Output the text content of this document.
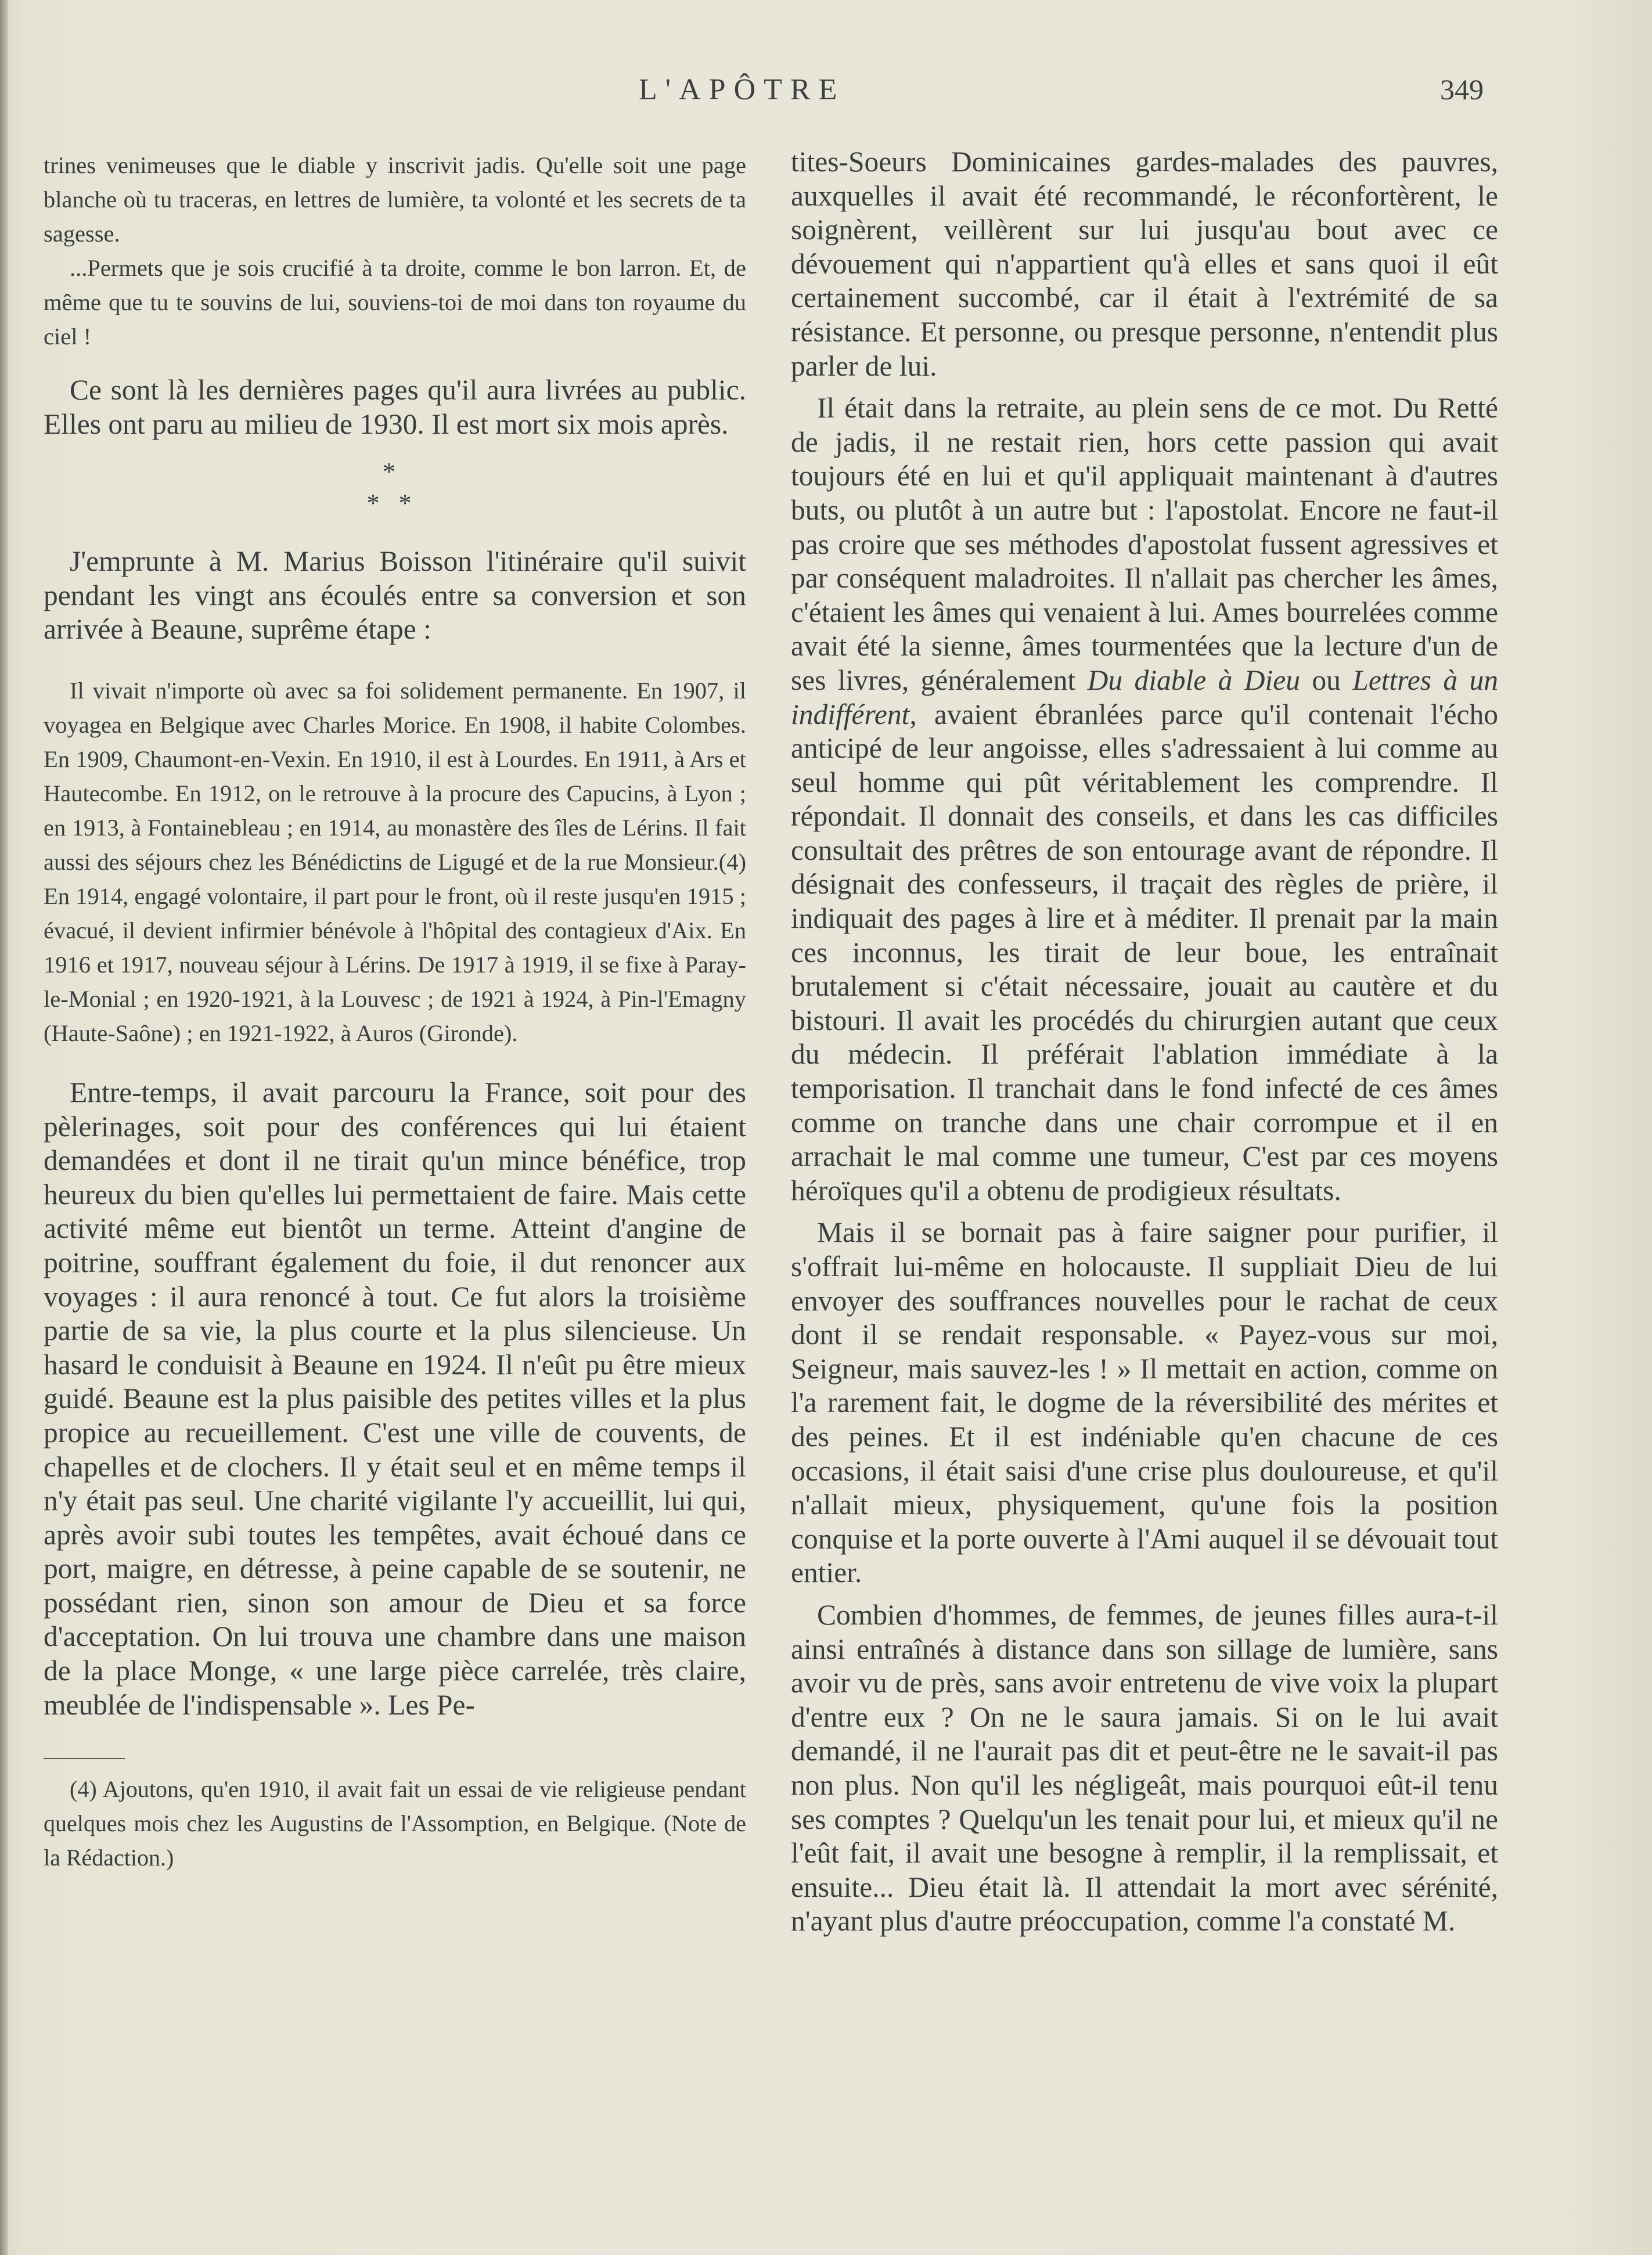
L'APÔTRE	349

trines venimeuses que le diable y inscrivit jadis. Qu'elle soit une page blanche où tu traceras, en lettres de lumière, ta volonté et les secrets de ta sagesse.

...Permets que je sois crucifié à ta droite, comme le bon larron. Et, de même que tu te souvins de lui, souviens-toi de moi dans ton royaume du ciel !

Ce sont là les dernières pages qu'il aura livrées au public. Elles ont paru au milieu de 1930. Il est mort six mois après.

*
*   *

J'emprunte à M. Marius Boisson l'itinéraire qu'il suivit pendant les vingt ans écoulés entre sa conversion et son arrivée à Beaune, suprême étape :

Il vivait n'importe où avec sa foi solidement permanente. En 1907, il voyagea en Belgique avec Charles Morice. En 1908, il habite Colombes. En 1909, Chaumont-en-Vexin. En 1910, il est à Lourdes. En 1911, à Ars et Hautecombe. En 1912, on le retrouve à la procure des Capucins, à Lyon ; en 1913, à Fontainebleau ; en 1914, au monastère des îles de Lérins. Il fait aussi des séjours chez les Bénédictins de Ligugé et de la rue Monsieur.(4) En 1914, engagé volontaire, il part pour le front, où il reste jusqu'en 1915 ; évacué, il devient infirmier bénévole à l'hôpital des contagieux d'Aix. En 1916 et 1917, nouveau séjour à Lérins. De 1917 à 1919, il se fixe à Paray-le-Monial ; en 1920-1921, à la Louvesc ; de 1921 à 1924, à Pin-l'Emagny (Haute-Saône) ; en 1921-1922, à Auros (Gironde).

Entre-temps, il avait parcouru la France, soit pour des pèlerinages, soit pour des conférences qui lui étaient demandées et dont il ne tirait qu'un mince bénéfice, trop heureux du bien qu'elles lui permettaient de faire. Mais cette activité même eut bientôt un terme. Atteint d'angine de poitrine, souffrant également du foie, il dut renoncer aux voyages : il aura renoncé à tout. Ce fut alors la troisième partie de sa vie, la plus courte et la plus silencieuse. Un hasard le conduisit à Beaune en 1924. Il n'eût pu être mieux guidé. Beaune est la plus paisible des petites villes et la plus propice au recueillement. C'est une ville de couvents, de chapelles et de clochers. Il y était seul et en même temps il n'y était pas seul. Une charité vigilante l'y accueillit, lui qui, après avoir subi toutes les tempêtes, avait échoué dans ce port, maigre, en détresse, à peine capable de se soutenir, ne possédant rien, sinon son amour de Dieu et sa force d'acceptation. On lui trouva une chambre dans une maison de la place Monge, « une large pièce carrelée, très claire, meublée de l'indispensable ». Les Pe-

(4) Ajoutons, qu'en 1910, il avait fait un essai de vie religieuse pendant quelques mois chez les Augustins de l'Assomption, en Belgique. (Note de la Rédaction.)

tites-Soeurs Dominicaines gardes-malades des pauvres, auxquelles il avait été recommandé, le réconfortèrent, le soignèrent, veillèrent sur lui jusqu'au bout avec ce dévouement qui n'appartient qu'à elles et sans quoi il eût certainement succombé, car il était à l'extrémité de sa résistance. Et personne, ou presque personne, n'entendit plus parler de lui.

Il était dans la retraite, au plein sens de ce mot. Du Retté de jadis, il ne restait rien, hors cette passion qui avait toujours été en lui et qu'il appliquait maintenant à d'autres buts, ou plutôt à un autre but : l'apostolat. Encore ne faut-il pas croire que ses méthodes d'apostolat fussent agressives et par conséquent maladroites. Il n'allait pas chercher les âmes, c'étaient les âmes qui venaient à lui. Ames bourrelées comme avait été la sienne, âmes tourmentées que la lecture d'un de ses livres, généralement Du diable à Dieu ou Lettres à un indifférent, avaient ébranlées parce qu'il contenait l'écho anticipé de leur angoisse, elles s'adressaient à lui comme au seul homme qui pût véritablement les comprendre. Il répondait. Il donnait des conseils, et dans les cas difficiles consultait des prêtres de son entourage avant de répondre. Il désignait des confesseurs, il traçait des règles de prière, il indiquait des pages à lire et à méditer. Il prenait par la main ces inconnus, les tirait de leur boue, les entraînait brutalement si c'était nécessaire, jouait au cautère et du bistouri. Il avait les procédés du chirurgien autant que ceux du médecin. Il préférait l'ablation immédiate à la temporisation. Il tranchait dans le fond infecté de ces âmes comme on tranche dans une chair corrompue et il en arrachait le mal comme une tumeur, C'est par ces moyens héroïques qu'il a obtenu de prodigieux résultats.

Mais il se bornait pas à faire saigner pour purifier, il s'offrait lui-même en holocauste. Il suppliait Dieu de lui envoyer des souffrances nouvelles pour le rachat de ceux dont il se rendait responsable. « Payez-vous sur moi, Seigneur, mais sauvez-les ! » Il mettait en action, comme on l'a rarement fait, le dogme de la réversibilité des mérites et des peines. Et il est indéniable qu'en chacune de ces occasions, il était saisi d'une crise plus douloureuse, et qu'il n'allait mieux, physiquement, qu'une fois la position conquise et la porte ouverte à l'Ami auquel il se dévouait tout entier.

Combien d'hommes, de femmes, de jeunes filles aura-t-il ainsi entraînés à distance dans son sillage de lumière, sans avoir vu de près, sans avoir entretenu de vive voix la plupart d'entre eux ? On ne le saura jamais. Si on le lui avait demandé, il ne l'aurait pas dit et peut-être ne le savait-il pas non plus. Non qu'il les négligeât, mais pourquoi eût-il tenu ses comptes ? Quelqu'un les tenait pour lui, et mieux qu'il ne l'eût fait, il avait une besogne à remplir, il la remplissait, et ensuite... Dieu était là. Il attendait la mort avec sérénité, n'ayant plus d'autre préoccupation, comme l'a constaté M.
